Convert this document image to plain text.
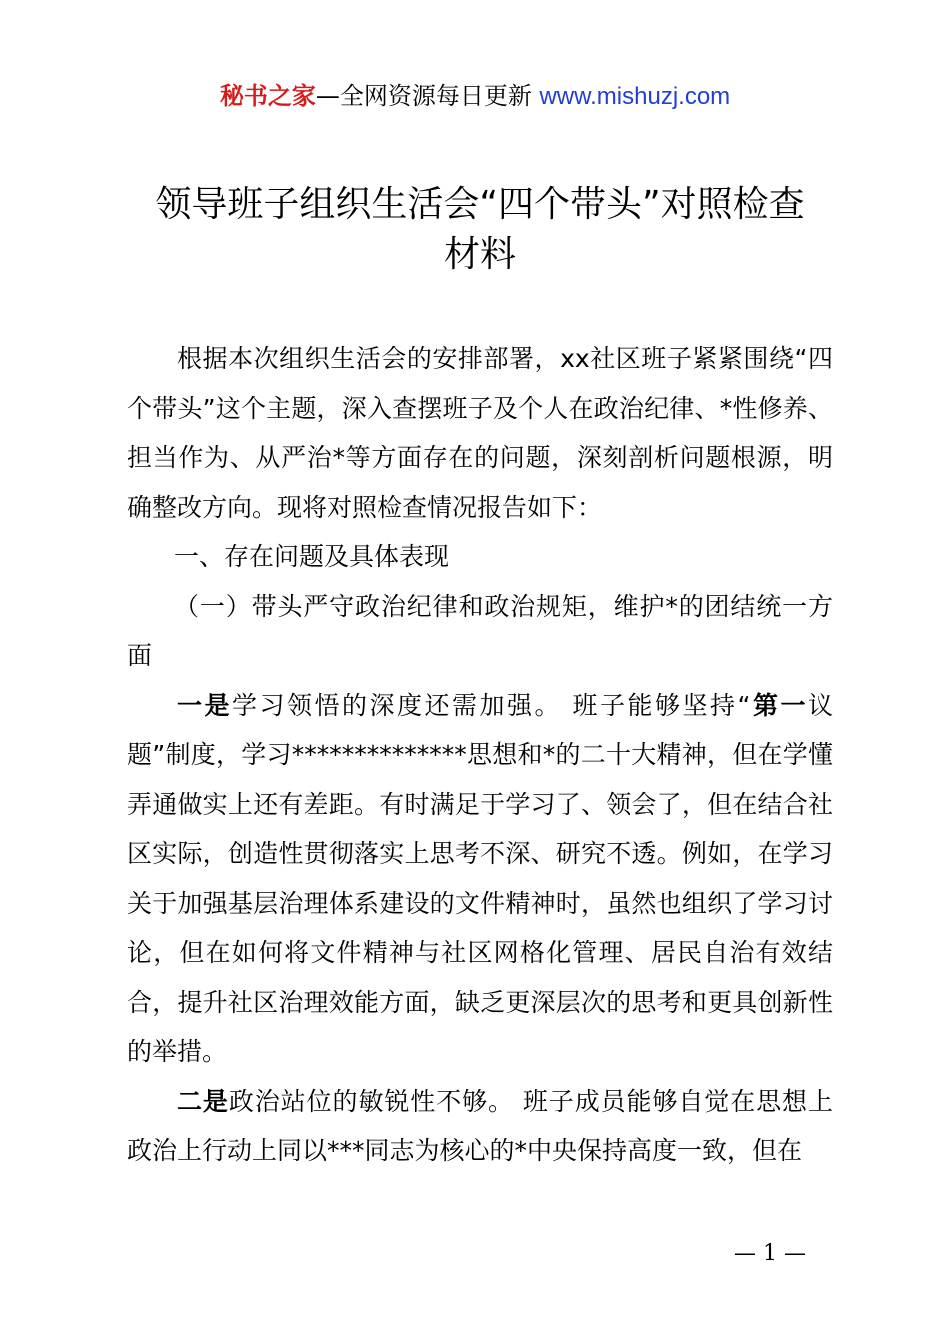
秘书之家—全网资源每日更新 www.mishuzj.com
领导班子组织生活会“四个带头”对照检查
材料

根据本次组织生活会的安排部署，xx社区班子紧紧围绕“四个带头”这个主题，深入查摆班子及个人在政治纪律、*性修养、担当作为、从严治*等方面存在的问题，深刻剖析问题根源，明确整改方向。现将对照检查情况报告如下：

一、存在问题及具体表现

（一）带头严守政治纪律和政治规矩，维护*的团结统一方面

一是学习领悟的深度还需加强。 班子能够坚持“第一议题”制度，学习**************思想和*的二十大精神，但在学懂弄通做实上还有差距。有时满足于学习了、领会了，但在结合社区实际，创造性贯彻落实上思考不深、研究不透。例如，在学习关于加强基层治理体系建设的文件精神时，虽然也组织了学习讨论，但在如何将文件精神与社区网格化管理、居民自治有效结合，提升社区治理效能方面，缺乏更深层次的思考和更具创新性的举措。

二是政治站位的敏锐性不够。 班子成员能够自觉在思想上政治上行动上同以***同志为核心的*中央保持高度一致，但在

— 1 —
